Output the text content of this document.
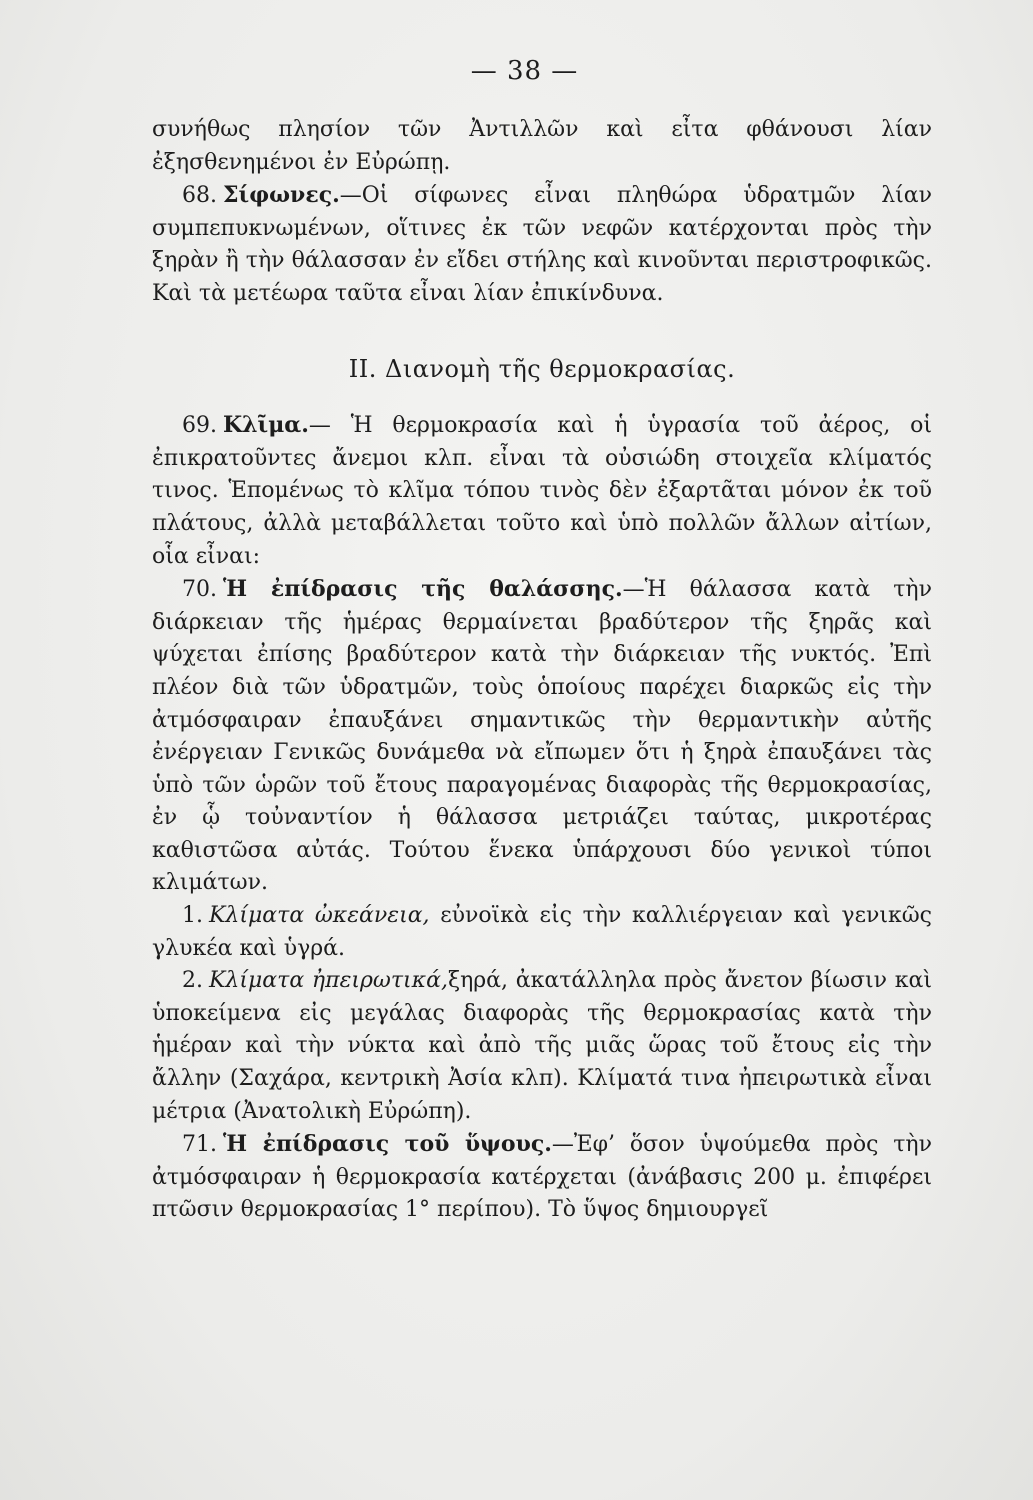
— 38 —

συνήθως πλησίον τῶν Ἀντιλλῶν καὶ εἶτα φθάνουσι λίαν ἐξησθενημένοι ἐν Εὐρώπῃ.

68. Σίφωνες.—Οἱ σίφωνες εἶναι πληθώρα ὑδρατμῶν λίαν συμπεπυκνωμένων, οἵτινες ἐκ τῶν νεφῶν κατέρχονται πρὸς τὴν ξηρὰν ἢ τὴν θάλασσαν ἐν εἴδει στήλης καὶ κινοῦνται περιστροφικῶς. Καὶ τὰ μετέωρα ταῦτα εἶναι λίαν ἐπικίνδυνα.

ΙΙ. Διανομὴ τῆς θερμοκρασίας.

69. Κλῖμα.— Ἡ θερμοκρασία καὶ ἡ ὑγρασία τοῦ ἀέρος, οἱ ἐπικρατοῦντες ἄνεμοι κλπ. εἶναι τὰ οὐσιώδη στοιχεῖα κλίματός τινος. Ἑπομένως τὸ κλῖμα τόπου τινὸς δὲν ἐξαρτᾶται μόνον ἐκ τοῦ πλάτους, ἀλλὰ μεταβάλλεται τοῦτο καὶ ὑπὸ πολλῶν ἄλλων αἰτίων, οἷα εἶναι:

70. Ἡ ἐπίδρασις τῆς θαλάσσης.—Ἡ θάλασσα κατὰ τὴν διάρκειαν τῆς ἡμέρας θερμαίνεται βραδύτερον τῆς ξηρᾶς καὶ ψύχεται ἐπίσης βραδύτερον κατὰ τὴν διάρκειαν τῆς νυκτός. Ἐπὶ πλέον διὰ τῶν ὑδρατμῶν, τοὺς ὁποίους παρέχει διαρκῶς εἰς τὴν ἀτμόσφαιραν ἐπαυξάνει σημαντικῶς τὴν θερμαντικὴν αὐτῆς ἐνέργειαν Γενικῶς δυνάμεθα νὰ εἴπωμεν ὅτι ἡ ξηρὰ ἐπαυξάνει τὰς ὑπὸ τῶν ὡρῶν τοῦ ἔτους παραγομένας διαφορὰς τῆς θερμοκρασίας, ἐν ᾧ τοὐναντίον ἡ θάλασσα μετριάζει ταύτας, μικροτέρας καθιστῶσα αὐτάς. Τούτου ἕνεκα ὑπάρχουσι δύο γενικοὶ τύποι κλιμάτων.

1. Κλίματα ὠκεάνεια, εὐνοϊκὰ εἰς τὴν καλλιέργειαν καὶ γενικῶς γλυκέα καὶ ὑγρά.

2. Κλίματα ἠπειρωτικά,ξηρά, ἀκατάλληλα πρὸς ἄνετον βίωσιν καὶ ὑποκείμενα εἰς μεγάλας διαφορὰς τῆς θερμοκρασίας κατὰ τὴν ἡμέραν καὶ τὴν νύκτα καὶ ἀπὸ τῆς μιᾶς ὥρας τοῦ ἔτους εἰς τὴν ἄλλην (Σαχάρα, κεντρικὴ Ἀσία κλπ). Κλίματά τινα ἠπειρωτικὰ εἶναι μέτρια (Ἀνατολικὴ Εὐρώπη).

71. Ἡ ἐπίδρασις τοῦ ὕψους.—Ἐφ’ ὅσον ὑψούμεθα πρὸς τὴν ἀτμόσφαιραν ἡ θερμοκρασία κατέρχεται (ἀνάβασις 200 μ. ἐπιφέρει πτῶσιν θερμοκρασίας 1° περίπου). Τὸ ὕψος δημιουργεῖ
